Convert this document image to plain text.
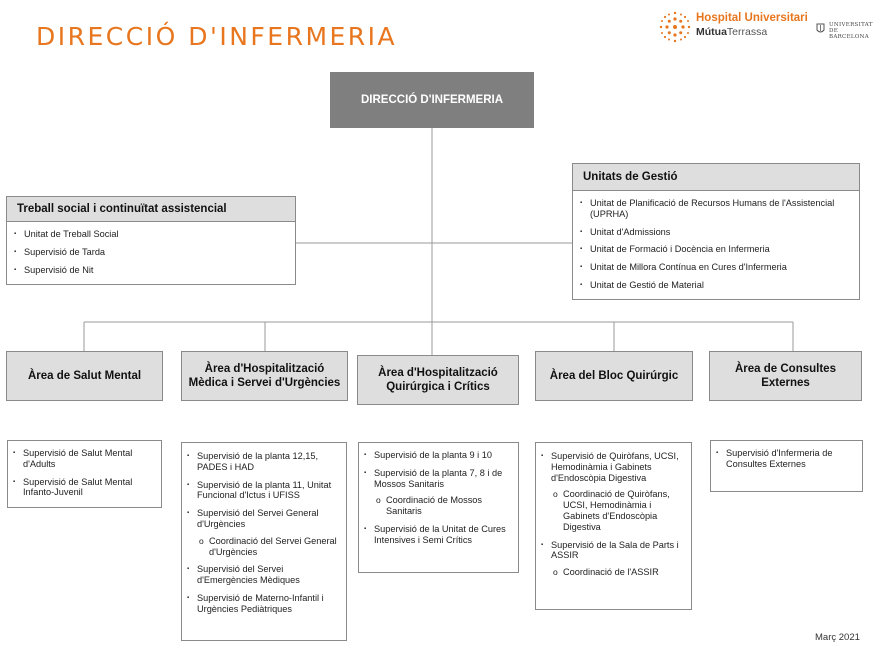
DIRECCIÓ D'INFERMERIA
Hospital Universitari
MútuaTerrassa
UNIVERSITAT DE
BARCELONA
DIRECCIÓ D'INFERMERIA
Treball social i continuïtat assistencial
▪ Unitat de Treball Social
▪ Supervisió de Tarda
▪ Supervisió de Nit
Unitats de Gestió
▪ Unitat de Planificació de Recursos Humans de l'Assistencial (UPRHA)
▪ Unitat d'Admissions
▪ Unitat de Formació i Docència en Infermeria
▪ Unitat de Millora Contínua en Cures d'Infermeria
▪ Unitat de Gestió de Material
Àrea de Salut Mental
Àrea d'Hospitalització Mèdica i Servei d'Urgències
Àrea d'Hospitalització Quirúrgica i Crítics
Àrea del Bloc Quirúrgic
Àrea de Consultes Externes
▪ Supervisió de Salut Mental d'Adults
▪ Supervisió de Salut Mental Infanto-Juvenil
▪ Supervisió de la planta 12,15, PADES i HAD
▪ Supervisió de la planta 11, Unitat Funcional d'Ictus i UFISS
▪ Supervisió del Servei General d'Urgències
o Coordinació del Servei General d'Urgències
▪ Supervisió del Servei d'Emergències Mèdiques
▪ Supervisió de Materno-Infantil i Urgències Pediàtriques
▪ Supervisió de la planta 9 i 10
▪ Supervisió de la planta 7, 8 i de Mossos Sanitaris
o Coordinació de Mossos Sanitaris
▪ Supervisió de la Unitat de Cures Intensives i Semi Crítics
▪ Supervisió de Quiròfans, UCSI, Hemodinàmia i Gabinets d'Endoscòpia Digestiva
o Coordinació de Quiròfans, UCSI, Hemodinàmia i Gabinets d'Endoscòpia Digestiva
▪ Supervisió de la Sala de Parts i ASSIR
o Coordinació de l'ASSIR
▪ Supervisió d'Infermeria de Consultes Externes
Març 2021
